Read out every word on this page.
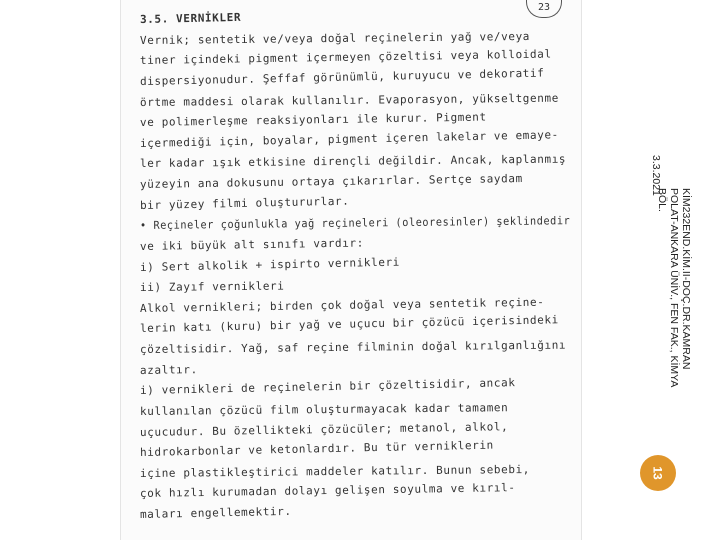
23
3.5. VERNİKLER
Vernik; sentetik ve/veya doğal reçinelerin yağ ve/veya
tiner içindeki pigment içermeyen çözeltisi veya kolloidal
dispersiyonudur. Şeffaf görünümlü, kuruyucu ve dekoratif
örtme maddesi olarak kullanılır. Evaporasyon, yükseltgenme
ve polimerleşme reaksiyonları ile kurur. Pigment
içermediği için, boyalar, pigment içeren lakelar ve emaye-
ler kadar ışık etkisine dirençli değildir. Ancak, kaplanmış
yüzeyin ana dokusunu ortaya çıkarırlar. Sertçe saydam
bir yüzey filmi oluştururlar.
• Reçineler çoğunlukla yağ reçineleri (oleoresinler) şeklindedir
ve iki büyük alt sınıfı vardır:
i) Sert alkolik + ispirto vernikleri
ii) Zayıf vernikleri
Alkol vernikleri; birden çok doğal veya sentetik reçine-
lerin katı (kuru) bir yağ ve uçucu bir çözücü içerisindeki
çözeltisidir. Yağ, saf reçine filminin doğal kırılganlığını
azaltır.
i) vernikleri de reçinelerin bir çözeltisidir, ancak
kullanılan çözücü film oluşturmayacak kadar tamamen
uçucudur. Bu özellikteki çözücüler; metanol, alkol,
hidrokarbonlar ve ketonlardır. Bu tür verniklerin
içine plastikleştirici maddeler katılır. Bunun sebebi,
çok hızlı kurumadan dolayı gelişen soyulma ve kırıl-
maları engellemektir.
3.3.2021
KİM232END.KİM.II-DOÇ.DR.KAMRAN
POLAT-ANKARA ÜNİV., FEN FAK., KİMYA
BÖL.
13
